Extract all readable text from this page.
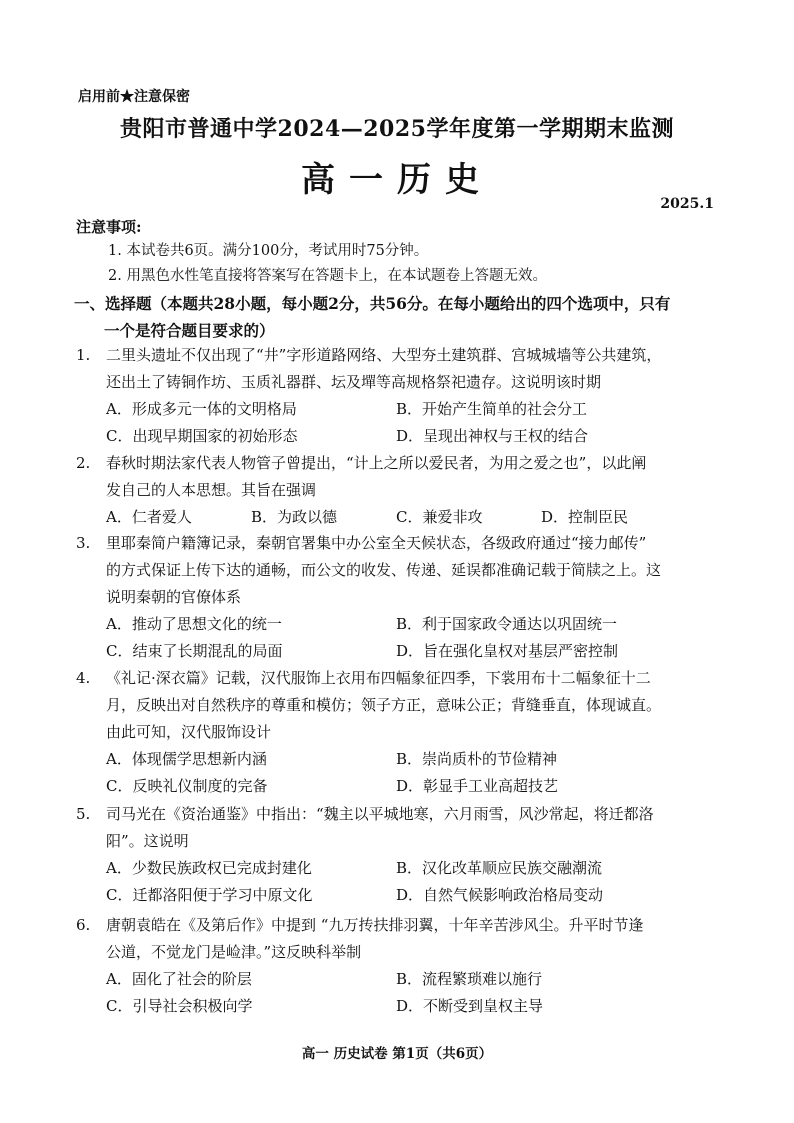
启用前★注意保密
贵阳市普通中学2024—2025学年度第一学期期末监测
高一历史
2025.1
注意事项:
1. 本试卷共6页。满分100分，考试用时75分钟。
2. 用黑色水性笔直接将答案写在答题卡上，在本试题卷上答题无效。
一、选择题（本题共28小题，每小题2分，共56分。在每小题给出的四个选项中，只有
一个是符合题目要求的）
1. 二里头遗址不仅出现了“井”字形道路网络、大型夯土建筑群、宫城城墙等公共建筑，
还出土了铸铜作坊、玉质礼器群、坛及墠等高规格祭祀遗存。这说明该时期
A．形成多元一体的文明格局	B．开始产生简单的社会分工
C．出现早期国家的初始形态	D．呈现出神权与王权的结合
2. 春秋时期法家代表人物管子曾提出，“计上之所以爱民者，为用之爱之也”，以此阐
发自己的人本思想。其旨在强调
A．仁者爱人	B．为政以德	C．兼爱非攻	D．控制臣民
3. 里耶秦简户籍簿记录，秦朝官署集中办公室全天候状态，各级政府通过“接力邮传”
的方式保证上传下达的通畅，而公文的收发、传递、延误都准确记载于简牍之上。这
说明秦朝的官僚体系
A．推动了思想文化的统一	B．利于国家政令通达以巩固统一
C．结束了长期混乱的局面	D．旨在强化皇权对基层严密控制
4. 《礼记·深衣篇》记载，汉代服饰上衣用布四幅象征四季，下裳用布十二幅象征十二
月，反映出对自然秩序的尊重和模仿；领子方正，意味公正；背缝垂直，体现诚直。
由此可知，汉代服饰设计
A．体现儒学思想新内涵	B．崇尚质朴的节俭精神
C．反映礼仪制度的完备	D．彰显手工业高超技艺
5. 司马光在《资治通鉴》中指出：“魏主以平城地寒，六月雨雪，风沙常起，将迁都洛
阳”。这说明
A．少数民族政权已完成封建化	B．汉化改革顺应民族交融潮流
C．迁都洛阳便于学习中原文化	D．自然气候影响政治格局变动
6. 唐朝袁皓在《及第后作》中提到 “九万抟扶排羽翼，十年辛苦涉风尘。升平时节逢
公道，不觉龙门是崄津。”这反映科举制
A．固化了社会的阶层	B．流程繁琐难以施行
C．引导社会积极向学	D．不断受到皇权主导
高一 历史试卷 第1页（共6页）
